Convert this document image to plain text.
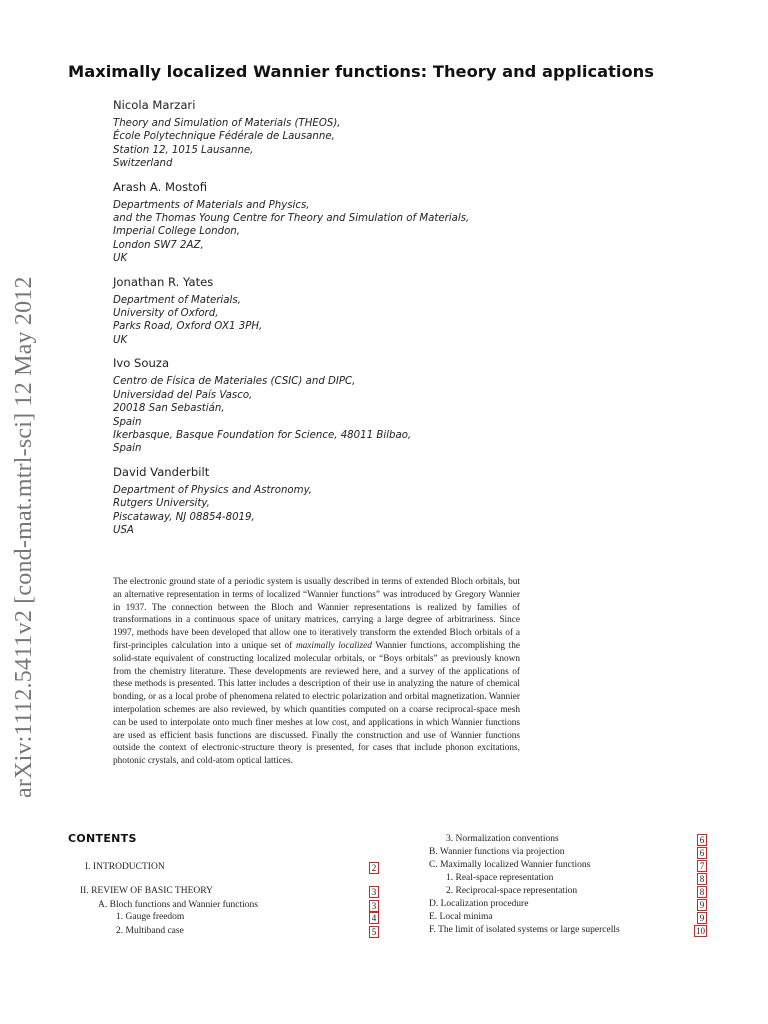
arXiv:1112.5411v2 [cond-mat.mtrl-sci] 12 May 2012
Maximally localized Wannier functions: Theory and applications
Nicola Marzari
Theory and Simulation of Materials (THEOS),
École Polytechnique Fédérale de Lausanne,
Station 12, 1015 Lausanne,
Switzerland
Arash A. Mostofi
Departments of Materials and Physics,
and the Thomas Young Centre for Theory and Simulation of Materials,
Imperial College London,
London SW7 2AZ,
UK
Jonathan R. Yates
Department of Materials,
University of Oxford,
Parks Road, Oxford OX1 3PH,
UK
Ivo Souza
Centro de Física de Materiales (CSIC) and DIPC,
Universidad del País Vasco,
20018 San Sebastián,
Spain
Ikerbasque, Basque Foundation for Science, 48011 Bilbao,
Spain
David Vanderbilt
Department of Physics and Astronomy,
Rutgers University,
Piscataway, NJ 08854-8019,
USA
The electronic ground state of a periodic system is usually described in terms of extended Bloch orbitals, but an alternative representation in terms of localized “Wannier functions” was introduced by Gregory Wannier in 1937. The connection between the Bloch and Wannier representations is realized by families of transformations in a continuous space of unitary matrices, carrying a large degree of arbitrariness. Since 1997, methods have been developed that allow one to iteratively transform the extended Bloch orbitals of a first-principles calculation into a unique set of maximally localized Wannier functions, accomplishing the solid-state equivalent of constructing localized molecular orbitals, or “Boys orbitals” as previously known from the chemistry literature. These developments are reviewed here, and a survey of the applications of these methods is presented. This latter includes a description of their use in analyzing the nature of chemical bonding, or as a local probe of phenomena related to electric polarization and orbital magnetization. Wannier interpolation schemes are also reviewed, by which quantities computed on a coarse reciprocal-space mesh can be used to interpolate onto much finer meshes at low cost, and applications in which Wannier functions are used as efficient basis functions are discussed. Finally the construction and use of Wannier functions outside the context of electronic-structure theory is presented, for cases that include phonon excitations, photonic crystals, and cold-atom optical lattices.
CONTENTS
I. INTRODUCTION	2
II. REVIEW OF BASIC THEORY	3
A. Bloch functions and Wannier functions	3
1. Gauge freedom	4
2. Multiband case	5
3. Normalization conventions	6
B. Wannier functions via projection	6
C. Maximally localized Wannier functions	7
1. Real-space representation	8
2. Reciprocal-space representation	8
D. Localization procedure	9
E. Local minima	9
F. The limit of isolated systems or large supercells	10
